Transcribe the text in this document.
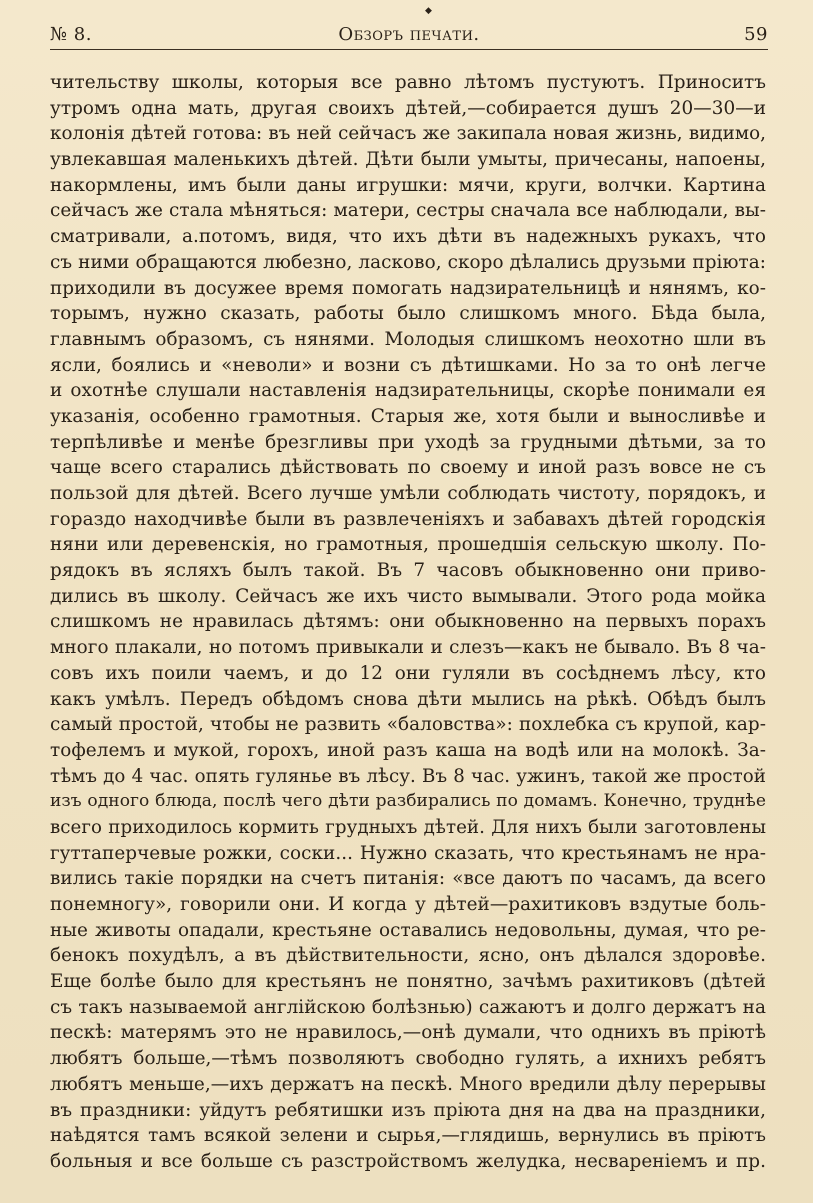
◆
№ 8.	Обзоръ печати.	59
чительству школы, которыя все равно лѣтомъ пустуютъ. Приноситъ
утромъ одна мать, другая своихъ дѣтей,—собирается душъ 20—30—и
колонія дѣтей готова: въ ней сейчасъ же закипала новая жизнь, видимо,
увлекавшая маленькихъ дѣтей. Дѣти были умыты, причесаны, напоены,
накормлены, имъ были даны игрушки: мячи, круги, волчки. Картина
сейчасъ же стала мѣняться: матери, сестры сначала все наблюдали, вы-
сматривали, а.потомъ, видя, что ихъ дѣти въ надежныхъ рукахъ, что
съ ними обращаются любезно, ласково, скоро дѣлались друзьми пріюта:
приходили въ досужее время помогать надзирательницѣ и нянямъ, ко-
торымъ, нужно сказать, работы было слишкомъ много. Бѣда была,
главнымъ образомъ, съ нянями. Молодыя слишкомъ неохотно шли въ
ясли, боялись и «неволи» и возни съ дѣтишками. Но за то онѣ легче
и охотнѣе слушали наставленія надзирательницы, скорѣе понимали ея
указанія, особенно грамотныя. Старыя же, хотя были и выносливѣе и
терпѣливѣе и менѣе брезгливы при уходѣ за грудными дѣтьми, за то
чаще всего старались дѣйствовать по своему и иной разъ вовсе не съ
пользой для дѣтей. Всего лучше умѣли соблюдать чистоту, порядокъ, и
гораздо находчивѣе были въ развлеченіяхъ и забавахъ дѣтей городскія
няни или деревенскія, но грамотныя, прошедшія сельскую школу. По-
рядокъ въ ясляхъ былъ такой. Въ 7 часовъ обыкновенно они приво-
дились въ школу. Сейчасъ же ихъ чисто вымывали. Этого рода мойка
слишкомъ не нравилась дѣтямъ: они обыкновенно на первыхъ порахъ
много плакали, но потомъ привыкали и слезъ—какъ не бывало. Въ 8 ча-
совъ ихъ поили чаемъ, и до 12 они гуляли въ сосѣднемъ лѣсу, кто
какъ умѣлъ. Передъ обѣдомъ снова дѣти мылись на рѣкѣ. Обѣдъ былъ
самый простой, чтобы не развить «баловства»: похлебка съ крупой, кар-
тофелемъ и мукой, горохъ, иной разъ каша на водѣ или на молокѣ. За-
тѣмъ до 4 час. опять гулянье въ лѣсу. Въ 8 час. ужинъ, такой же простой
изъ одного блюда, послѣ чего дѣти разбирались по домамъ. Конечно, труднѣе
всего приходилось кормить грудныхъ дѣтей. Для нихъ были заготовлены
гуттаперчевые рожки, соски... Нужно сказать, что крестьянамъ не нра-
вились такіе порядки на счетъ питанія: «все даютъ по часамъ, да всего
понемногу», говорили они. И когда у дѣтей—рахитиковъ вздутые боль-
ные животы опадали, крестьяне оставались недовольны, думая, что ре-
бенокъ похудѣлъ, а въ дѣйствительности, ясно, онъ дѣлался здоровѣе.
Еще болѣе было для крестьянъ не понятно, зачѣмъ рахитиковъ (дѣтей
съ такъ называемой англійскою болѣзнью) сажаютъ и долго держатъ на
пескѣ: матерямъ это не нравилось,—онѣ думали, что однихъ въ пріютѣ
любятъ больше,—тѣмъ позволяютъ свободно гулять, а ихнихъ ребятъ
любятъ меньше,—ихъ держатъ на пескѣ. Много вредили дѣлу перерывы
въ праздники: уйдутъ ребятишки изъ пріюта дня на два на праздники,
наѣдятся тамъ всякой зелени и сырья,—глядишь, вернулись въ пріютъ
больныя и все больше съ разстройствомъ желудка, несвареніемъ и пр.
